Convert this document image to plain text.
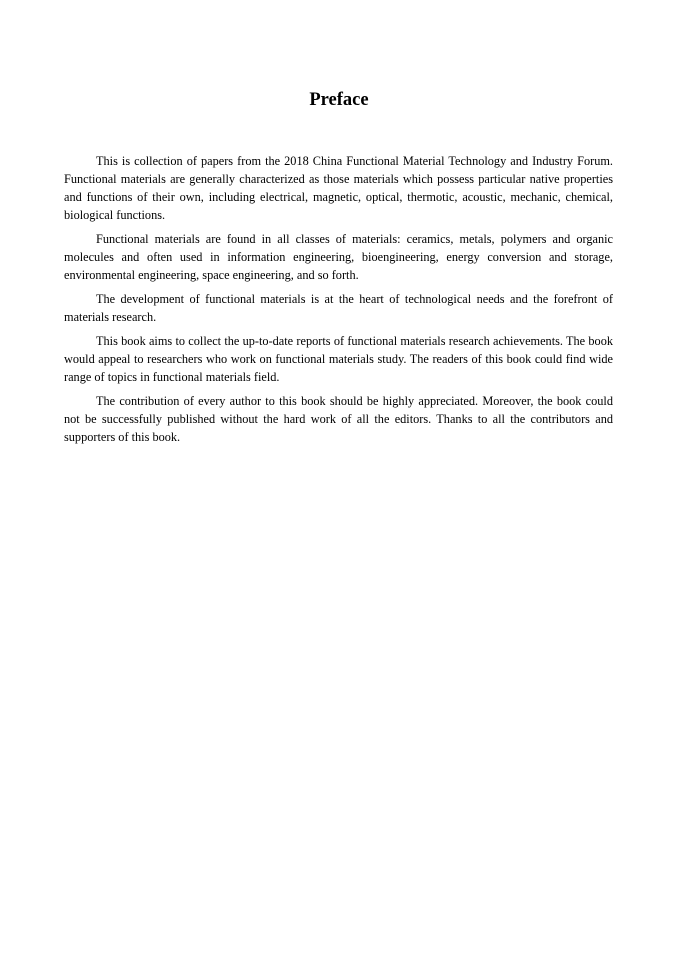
Preface

This is collection of papers from the 2018 China Functional Material Technology and Industry Forum. Functional materials are generally characterized as those materials which possess particular native properties and functions of their own, including electrical, magnetic, optical, thermotic, acoustic, mechanic, chemical, biological functions.

Functional materials are found in all classes of materials: ceramics, metals, polymers and organic molecules and often used in information engineering, bioengineering, energy conversion and storage, environmental engineering, space engineering, and so forth.

The development of functional materials is at the heart of technological needs and the forefront of materials research.

This book aims to collect the up-to-date reports of functional materials research achievements. The book would appeal to researchers who work on functional materials study. The readers of this book could find wide range of topics in functional materials field.

The contribution of every author to this book should be highly appreciated. Moreover, the book could not be successfully published without the hard work of all the editors. Thanks to all the contributors and supporters of this book.
